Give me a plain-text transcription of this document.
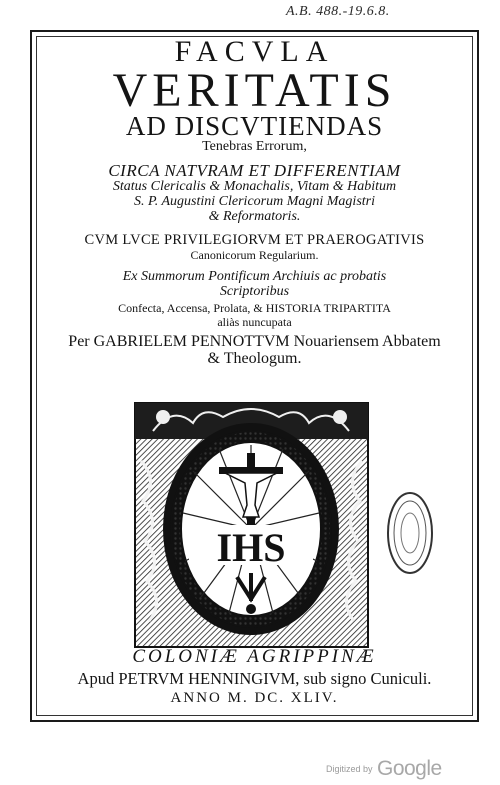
A.B. 488.-19.6.8.
FACVLA
VERITATIS
AD DISCVTIENDAS
Tenebras Errorum,
CIRCA NATVRAM ET DIFFERENTIAM
Status Clericalis & Monachalis, Vitam & Habitum
S. P. Augustini Clericorum Magni Magistri
& Reformatoris.
CVM LVCE PRIVILEGIORVM ET PRAEROGATIVIS
Canonicorum Regularium.
Ex Summorum Pontificum Archiuis ac probatis
Scriptoribus
Confecta, Accensa, Prolata, & HISTORIA TRIPARTITA
aliàs nuncupata
Per GABRIELEM PENNOTTVM Nouariensem Abbatem
& Theologum.
IHS
COLONIÆ AGRIPPINÆ
Apud PETRVM HENNINGIVM, sub signo Cuniculi.
ANNO M. DC. XLIV.
Digitized by Google
